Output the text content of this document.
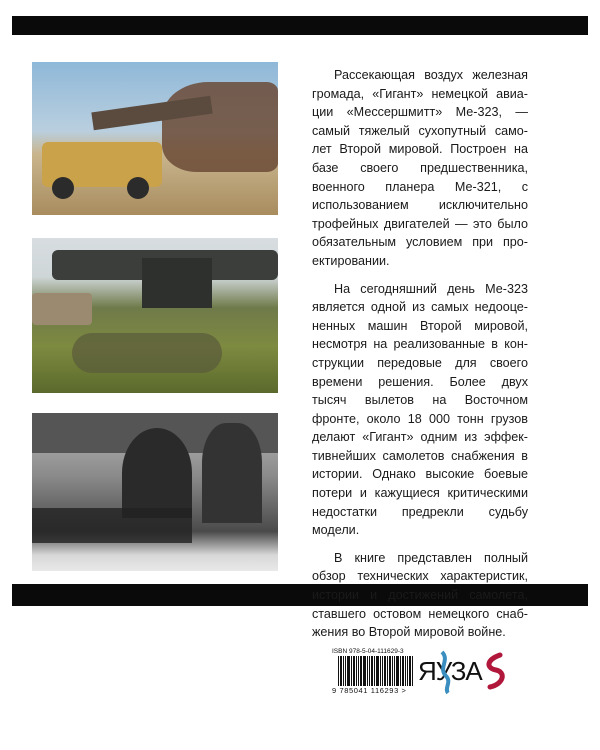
Рассекающая воздух железная
громада, «Гигант» немецкой авиа-
ции «Мессершмитт» Ме-323, —
самый тяжелый сухопутный само-
лет Второй мировой. Построен на
базе своего предшественника,
военного планера Ме-321, с
использованием исключительно
трофейных двигателей — это было
обязательным условием при про-
ектировании.
На сегодняшний день Ме-323
является одной из самых недооце-
ненных машин Второй мировой,
несмотря на реализованные в кон-
струкции передовые для своего
времени решения. Более двух
тысяч вылетов на Восточном
фронте, около 18 000 тонн грузов
делают «Гигант» одним из эффек-
тивнейших самолетов снабжения в
истории. Однако высокие боевые
потери и кажущиеся критическими
недостатки предрекли судьбу
модели.
В книге представлен полный
обзор технических характеристик,
истории и достижений самолета,
ставшего остовом немецкого снаб-
жения во Второй мировой войне.
ISBN 978-5-04-111629-3
9 785041 116293 >
ЯУЗА
